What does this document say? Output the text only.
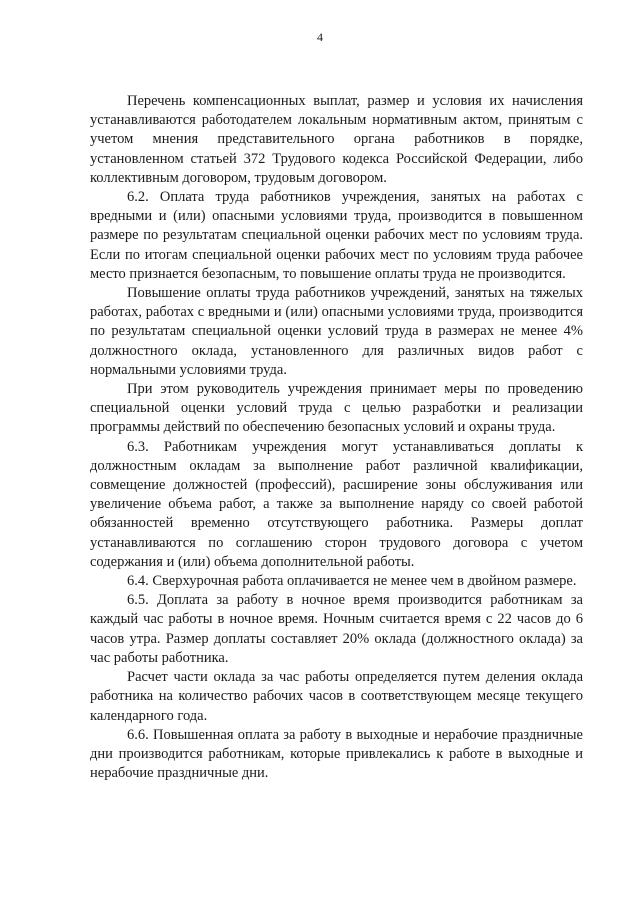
4

Перечень компенсационных выплат, размер и условия их начисления устанавливаются работодателем локальным нормативным актом, принятым с учетом мнения представительного органа работников в порядке, установленном статьей 372 Трудового кодекса Российской Федерации, либо коллективным договором, трудовым договором.

6.2. Оплата труда работников учреждения, занятых на работах с вредными и (или) опасными условиями труда, производится в повышенном размере по результатам специальной оценки рабочих мест по условиям труда. Если по итогам специальной оценки рабочих мест по условиям труда рабочее место признается безопасным, то повышение оплаты труда не производится.

Повышение оплаты труда работников учреждений, занятых на тяжелых работах, работах с вредными и (или) опасными условиями труда, производится по результатам специальной оценки условий труда в размерах не менее 4% должностного оклада, установленного для различных видов работ с нормальными условиями труда.

При этом руководитель учреждения принимает меры по проведению специальной оценки условий труда с целью разработки и реализации программы действий по обеспечению безопасных условий и охраны труда.

6.3. Работникам учреждения могут устанавливаться доплаты к должностным окладам за выполнение работ различной квалификации, совмещение должностей (профессий), расширение зоны обслуживания или увеличение объема работ, а также за выполнение наряду со своей работой обязанностей временно отсутствующего работника. Размеры доплат устанавливаются по соглашению сторон трудового договора с учетом содержания и (или) объема дополнительной работы.

6.4. Сверхурочная работа оплачивается не менее чем в двойном размере.

6.5. Доплата за работу в ночное время производится работникам за каждый час работы в ночное время. Ночным считается время с 22 часов до 6 часов утра. Размер доплаты составляет 20% оклада (должностного оклада) за час работы работника.

Расчет части оклада за час работы определяется путем деления оклада работника на количество рабочих часов в соответствующем месяце текущего календарного года.

6.6. Повышенная оплата за работу в выходные и нерабочие праздничные дни производится работникам, которые привлекались к работе в выходные и нерабочие праздничные дни.
